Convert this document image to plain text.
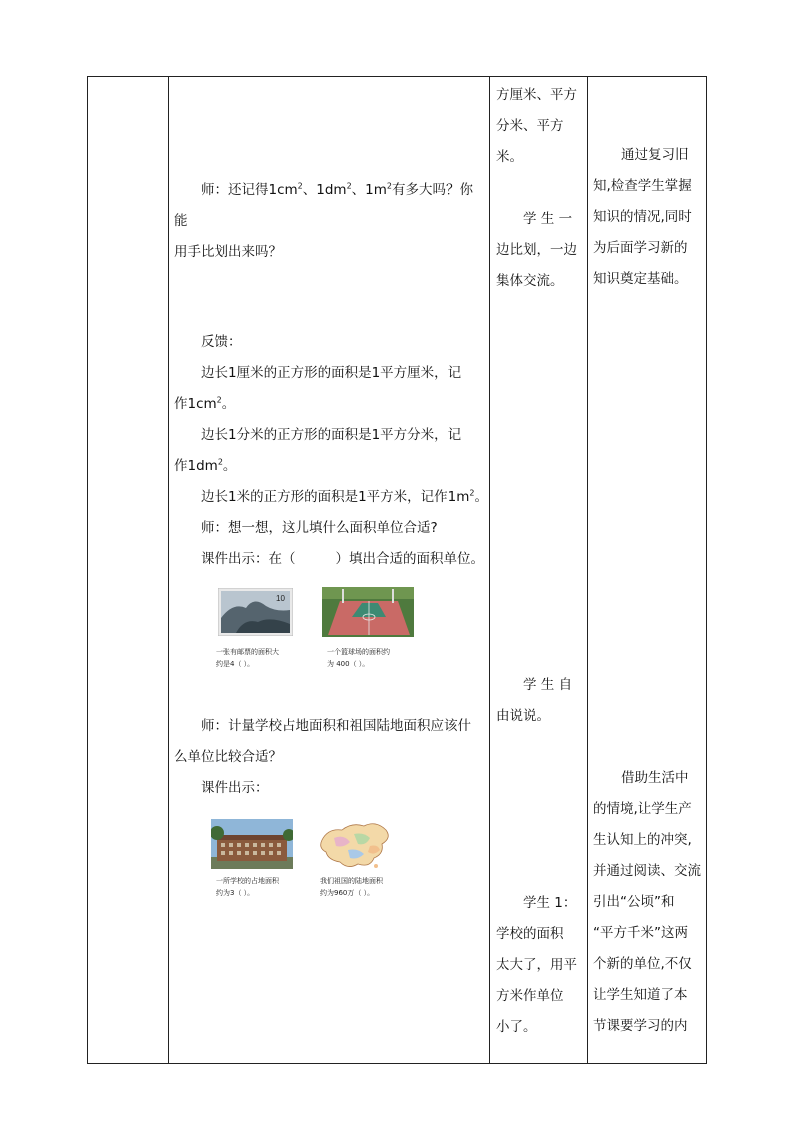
师：还记得$1cm^2$、$1dm^2$、$1m^2$有多大吗？你能

用手比划出来吗？

反馈：

边长1厘米的正方形的面积是1平方厘米，记

作$1cm^2$。

边长1分米的正方形的面积是1平方分米，记

作$1dm^2$。

边长1米的正方形的面积是1平方米，记作$1m^2$。

师：想一想，这儿填什么面积单位合适?

课件出示：在（	）填出合适的面积单位。

10
一张有邮票的面积大
约是4（ ）。
一个篮球场的面积约
为 400（ ）。

师：计量学校占地面积和祖国陆地面积应该什

么单位比较合适？

课件出示：

一所学校的占地面积
约为3（ ）。
我们祖国的陆地面积
约为960万（ ）。

方厘米、平方

分米、平方米。

学 生 一

边比划，一边

集体交流。

学 生 自

由说说。

学生 1：

学校的面积

太大了，用平

方米作单位

小了。

通过复习旧

知,检查学生掌握

知识的情况,同时

为后面学习新的

知识奠定基础。

借助生活中

的情境,让学生产

生认知上的冲突,

并通过阅读、交流

引出“公顷”和

“平方千米”这两

个新的单位,不仅

让学生知道了本

节课要学习的内
